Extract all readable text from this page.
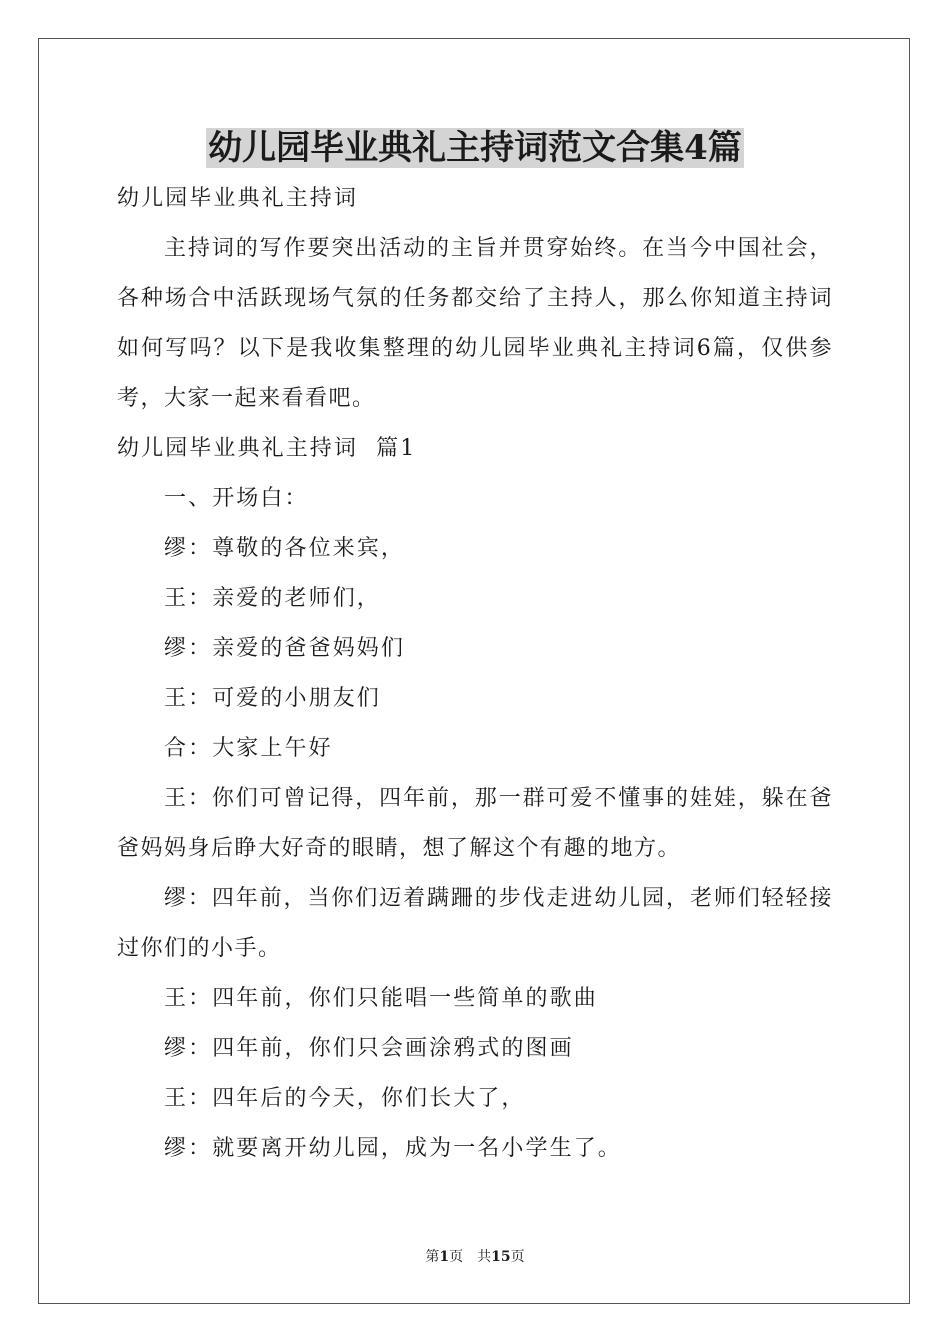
幼儿园毕业典礼主持词范文合集4篇

幼儿园毕业典礼主持词

主持词的写作要突出活动的主旨并贯穿始终。在当今中国社会，各种场合中活跃现场气氛的任务都交给了主持人，那么你知道主持词如何写吗？以下是我收集整理的幼儿园毕业典礼主持词6篇，仅供参考，大家一起来看看吧。

幼儿园毕业典礼主持词  篇1

一、开场白：

缪：尊敬的各位来宾，

王：亲爱的老师们，

缪：亲爱的爸爸妈妈们

王：可爱的小朋友们

合：大家上午好

王：你们可曾记得，四年前，那一群可爱不懂事的娃娃，躲在爸爸妈妈身后睁大好奇的眼睛，想了解这个有趣的地方。

缪：四年前，当你们迈着蹒跚的步伐走进幼儿园，老师们轻轻接过你们的小手。

王：四年前，你们只能唱一些简单的歌曲

缪：四年前，你们只会画涂鸦式的图画

王：四年后的今天，你们长大了，

缪：就要离开幼儿园，成为一名小学生了。

第1页　共15页
